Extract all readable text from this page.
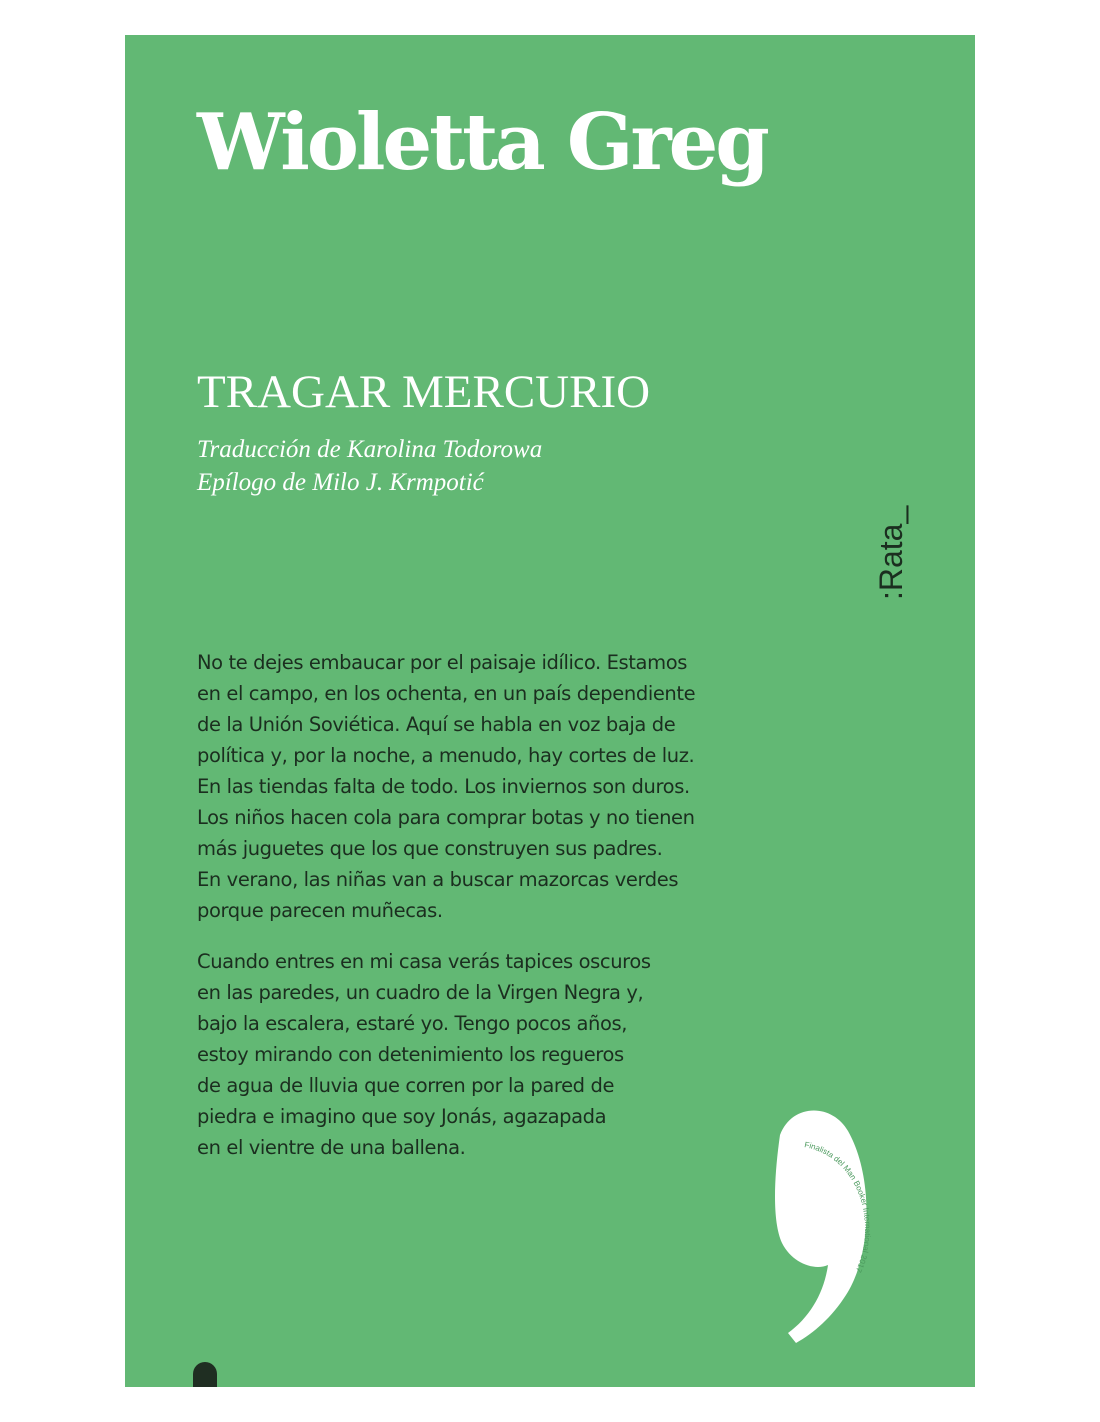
Wioletta Greg
TRAGAR MERCURIO

Traducción de Karolina Todorowa

Epílogo de Milo J. Krmpotić

:Rata_

No te dejes embaucar por el paisaje idílico. Estamos
en el campo, en los ochenta, en un país dependiente
de la Unión Soviética. Aquí se habla en voz baja de
política y, por la noche, a menudo, hay cortes de luz.
En las tiendas falta de todo. Los inviernos son duros.
Los niños hacen cola para comprar botas y no tienen
más juguetes que los que construyen sus padres.
En verano, las niñas van a buscar mazorcas verdes
porque parecen muñecas.

Cuando entres en mi casa verás tapices oscuros
en las paredes, un cuadro de la Virgen Negra y,
bajo la escalera, estaré yo. Tengo pocos años,
estoy mirando con detenimiento los regueros
de agua de lluvia que corren por la pared de
piedra e imagino que soy Jonás, agazapada
en el vientre de una ballena.	Finalista del Man Booker International 2017
